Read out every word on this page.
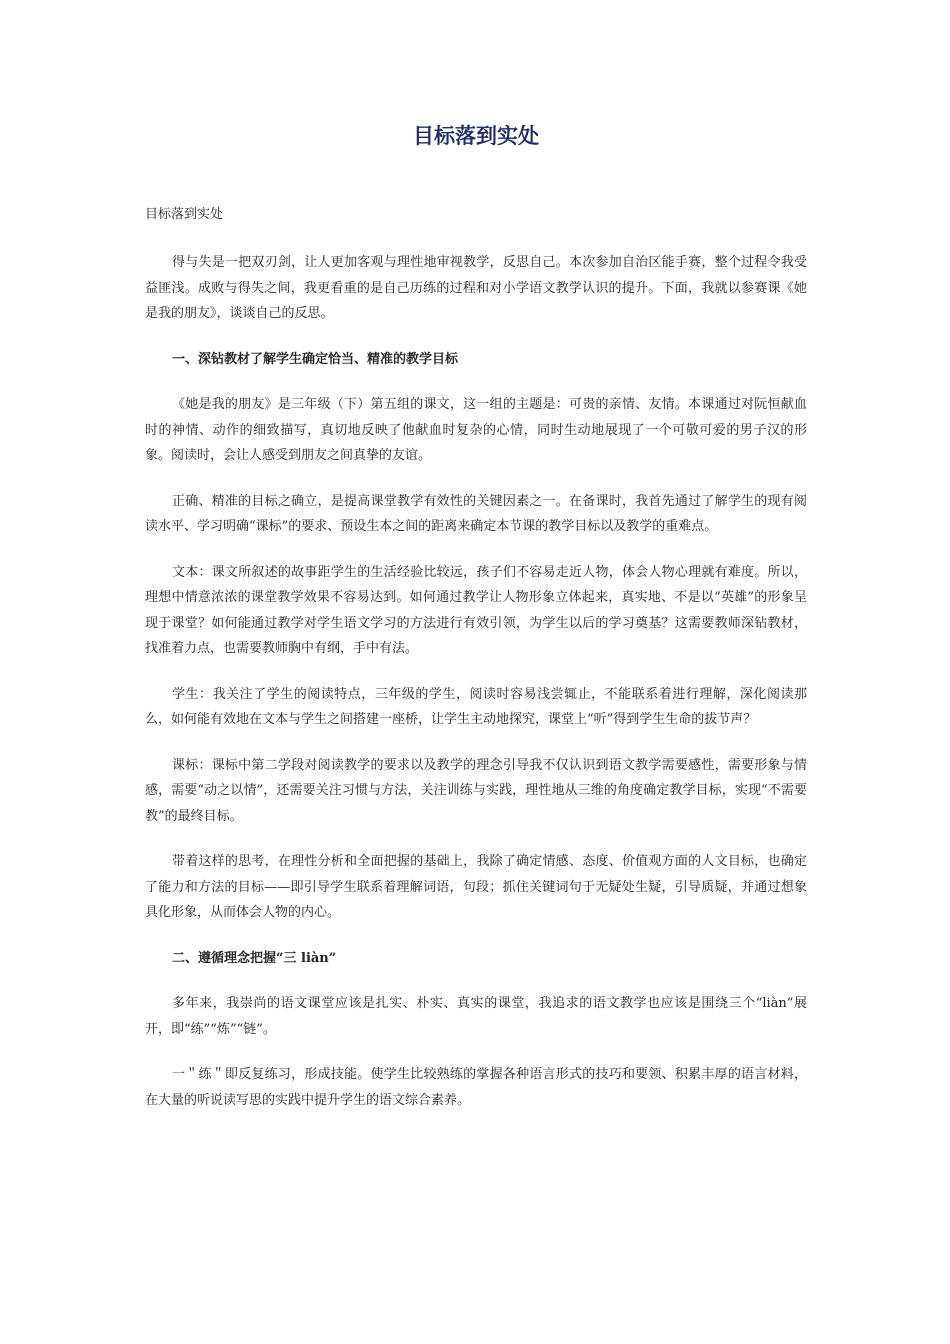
目标落到实处
目标落到实处

得与失是一把双刃剑，让人更加客观与理性地审视教学，反思自己。本次参加自治区能手赛，整个过程令我受益匪浅。成败与得失之间，我更看重的是自己历练的过程和对小学语文教学认识的提升。下面，我就以参赛课《她是我的朋友》，谈谈自己的反思。

一、深钻教材了解学生确定恰当、精准的教学目标

《她是我的朋友》是三年级（下）第五组的课文，这一组的主题是：可贵的亲情、友情。本课通过对阮恒献血时的神情、动作的细致描写，真切地反映了他献血时复杂的心情，同时生动地展现了一个可敬可爱的男子汉的形象。阅读时，会让人感受到朋友之间真挚的友谊。

正确、精准的目标之确立，是提高课堂教学有效性的关键因素之一。在备课时，我首先通过了解学生的现有阅读水平、学习明确“课标”的要求、预设生本之间的距离来确定本节课的教学目标以及教学的重难点。

文本：课文所叙述的故事距学生的生活经验比较远，孩子们不容易走近人物，体会人物心理就有难度。所以，理想中情意浓浓的课堂教学效果不容易达到。如何通过教学让人物形象立体起来，真实地、不是以“英雄”的形象呈现于课堂？如何能通过教学对学生语文学习的方法进行有效引领，为学生以后的学习奠基？这需要教师深钻教材，找准着力点，也需要教师胸中有纲，手中有法。

学生：我关注了学生的阅读特点，三年级的学生，阅读时容易浅尝辄止，不能联系着进行理解，深化阅读那么，如何能有效地在文本与学生之间搭建一座桥，让学生主动地探究，课堂上“听”得到学生生命的拔节声？

课标：课标中第二学段对阅读教学的要求以及教学的理念引导我不仅认识到语文教学需要感性，需要形象与情感，需要“动之以情”，还需要关注习惯与方法，关注训练与实践，理性地从三维的角度确定教学目标，实现“不需要教”的最终目标。

带着这样的思考，在理性分析和全面把握的基础上，我除了确定情感、态度、价值观方面的人文目标，也确定了能力和方法的目标——即引导学生联系着理解词语，句段；抓住关键词句于无疑处生疑，引导质疑，并通过想象具化形象，从而体会人物的内心。

二、遵循理念把握“三 liàn”

多年来，我崇尚的语文课堂应该是扎实、朴实、真实的课堂，我追求的语文教学也应该是围绕三个“liàn”展开，即“练”“炼”“链”。

一＂练＂即反复练习，形成技能。使学生比较熟练的掌握各种语言形式的技巧和要领、积累丰厚的语言材料，在大量的听说读写思的实践中提升学生的语文综合素养。
